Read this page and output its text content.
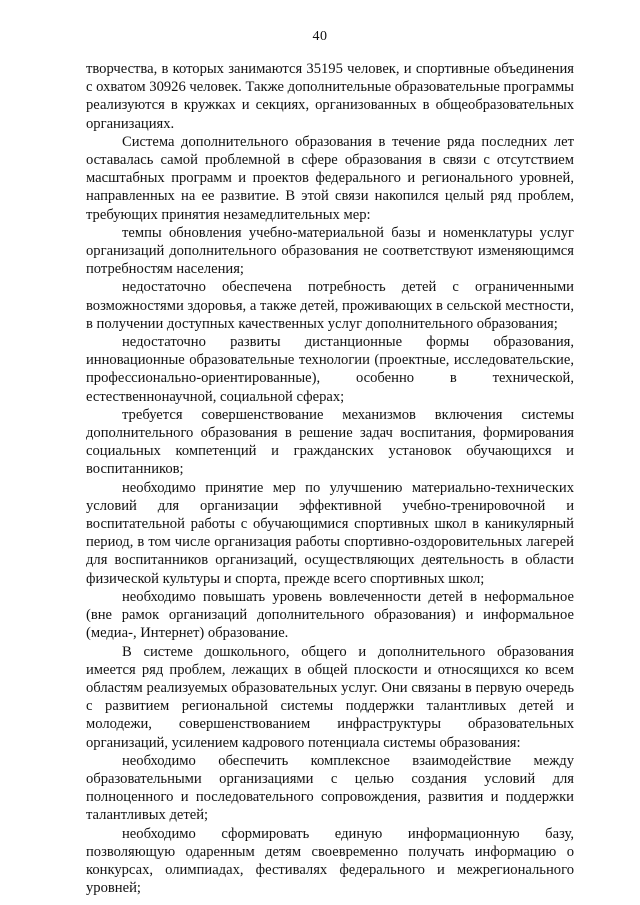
40

творчества, в которых занимаются 35195 человек, и спортивные объединения с охватом 30926 человек. Также дополнительные образовательные программы реализуются в кружках и секциях, организованных в общеобразовательных организациях.

Система дополнительного образования в течение ряда последних лет оставалась самой проблемной в сфере образования в связи с отсутствием масштабных программ и проектов федерального и регионального уровней, направленных на ее развитие. В этой связи накопился целый ряд проблем, требующих принятия незамедлительных мер:

темпы обновления учебно-материальной базы и номенклатуры услуг организаций дополнительного образования не соответствуют изменяющимся потребностям населения;

недостаточно обеспечена потребность детей с ограниченными возможностями здоровья, а также детей, проживающих в сельской местности, в получении доступных качественных услуг дополнительного образования;

недостаточно развиты дистанционные формы образования, инновационные образовательные технологии (проектные, исследовательские, профессионально-ориентированные), особенно в технической, естественнонаучной, социальной сферах;

требуется совершенствование механизмов включения системы дополнительного образования в решение задач воспитания, формирования социальных компетенций и гражданских установок обучающихся и воспитанников;

необходимо принятие мер по улучшению материально-технических условий для организации эффективной учебно-тренировочной и воспитательной работы с обучающимися спортивных школ в каникулярный период, в том числе организация работы спортивно-оздоровительных лагерей для воспитанников организаций, осуществляющих деятельность в области физической культуры и спорта, прежде всего спортивных школ;

необходимо повышать уровень вовлеченности детей в неформальное (вне рамок организаций дополнительного образования) и информальное (медиа-, Интернет) образование.

В системе дошкольного, общего и дополнительного образования имеется ряд проблем, лежащих в общей плоскости и относящихся ко всем областям реализуемых образовательных услуг. Они связаны в первую очередь с развитием региональной системы поддержки талантливых детей и молодежи, совершенствованием инфраструктуры образовательных организаций, усилением кадрового потенциала системы образования:

необходимо обеспечить комплексное взаимодействие между образовательными организациями с целью создания условий для полноценного и последовательного сопровождения, развития и поддержки талантливых детей;

необходимо сформировать единую информационную базу, позволяющую одаренным детям своевременно получать информацию о конкурсах, олимпиадах, фестивалях федерального и межрегионального уровней;
